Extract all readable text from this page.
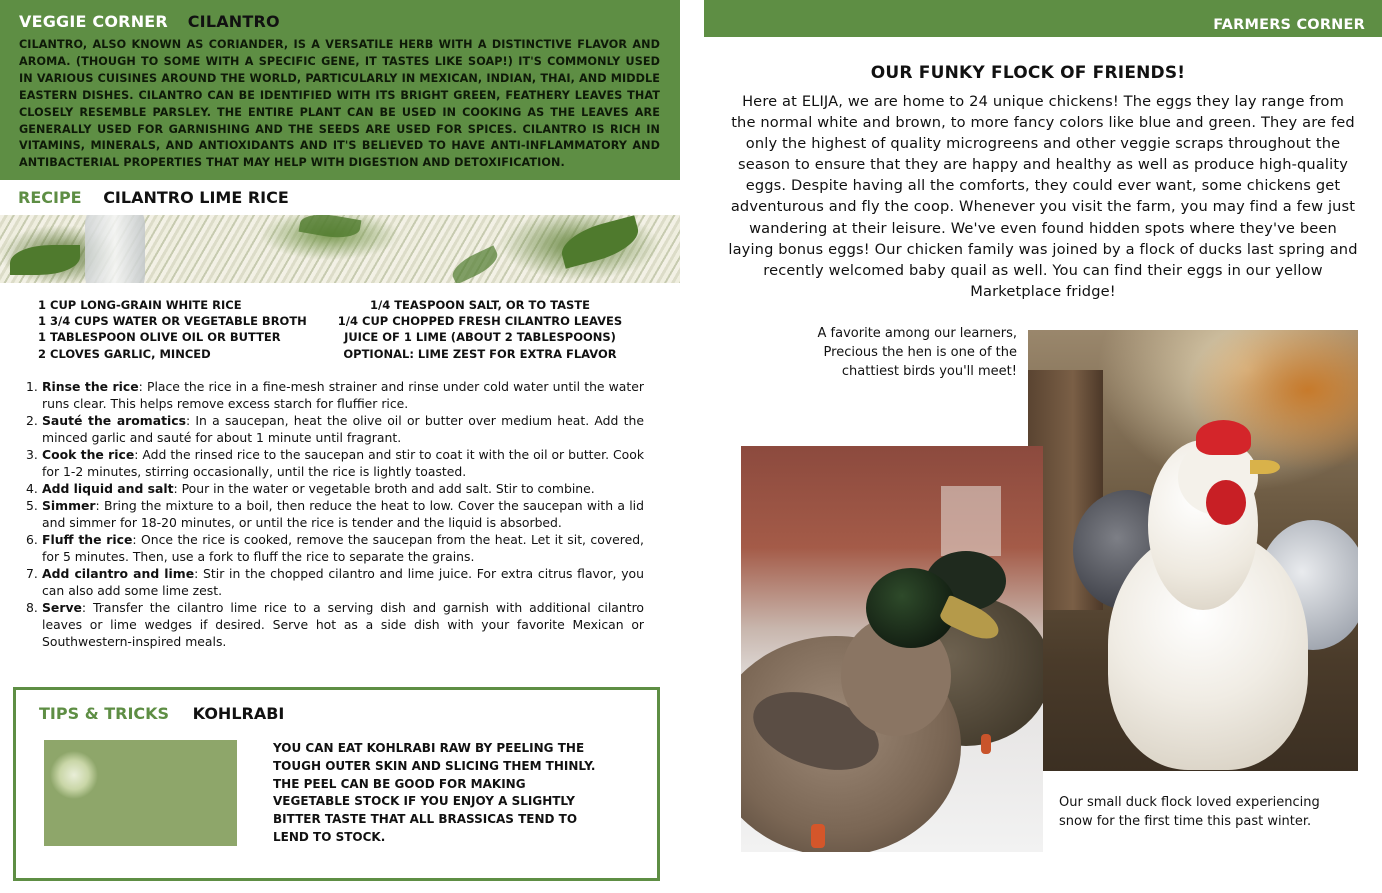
VEGGIE CORNER CILANTRO

CILANTRO, ALSO KNOWN AS CORIANDER, IS A VERSATILE HERB WITH A DISTINCTIVE FLAVOR AND AROMA. (THOUGH TO SOME WITH A SPECIFIC GENE, IT TASTES LIKE SOAP!) IT'S COMMONLY USED IN VARIOUS CUISINES AROUND THE WORLD, PARTICULARLY IN MEXICAN, INDIAN, THAI, AND MIDDLE EASTERN DISHES. CILANTRO CAN BE IDENTIFIED WITH ITS BRIGHT GREEN, FEATHERY LEAVES THAT CLOSELY RESEMBLE PARSLEY. THE ENTIRE PLANT CAN BE USED IN COOKING AS THE LEAVES ARE GENERALLY USED FOR GARNISHING AND THE SEEDS ARE USED FOR SPICES. CILANTRO IS RICH IN VITAMINS, MINERALS, AND ANTIOXIDANTS AND IT'S BELIEVED TO HAVE ANTI-INFLAMMATORY AND ANTIBACTERIAL PROPERTIES THAT MAY HELP WITH DIGESTION AND DETOXIFICATION.

RECIPE CILANTRO LIME RICE
1 CUP LONG-GRAIN WHITE RICE
1 3/4 CUPS WATER OR VEGETABLE BROTH
1 TABLESPOON OLIVE OIL OR BUTTER
2 CLOVES GARLIC, MINCED
1/4 TEASPOON SALT, OR TO TASTE
1/4 CUP CHOPPED FRESH CILANTRO LEAVES
JUICE OF 1 LIME (ABOUT 2 TABLESPOONS)
OPTIONAL: LIME ZEST FOR EXTRA FLAVOR
1. Rinse the rice: Place the rice in a fine-mesh strainer and rinse under cold water until the water runs clear. This helps remove excess starch for fluffier rice.
2. Sauté the aromatics: In a saucepan, heat the olive oil or butter over medium heat. Add the minced garlic and sauté for about 1 minute until fragrant.
3. Cook the rice: Add the rinsed rice to the saucepan and stir to coat it with the oil or butter. Cook for 1-2 minutes, stirring occasionally, until the rice is lightly toasted.
4. Add liquid and salt: Pour in the water or vegetable broth and add salt. Stir to combine.
5. Simmer: Bring the mixture to a boil, then reduce the heat to low. Cover the saucepan with a lid and simmer for 18-20 minutes, or until the rice is tender and the liquid is absorbed.
6. Fluff the rice: Once the rice is cooked, remove the saucepan from the heat. Let it sit, covered, for 5 minutes. Then, use a fork to fluff the rice to separate the grains.
7. Add cilantro and lime: Stir in the chopped cilantro and lime juice. For extra citrus flavor, you can also add some lime zest.
8. Serve: Transfer the cilantro lime rice to a serving dish and garnish with additional cilantro leaves or lime wedges if desired. Serve hot as a side dish with your favorite Mexican or Southwestern-inspired meals.
TIPS & TRICKS KOHLRABI

YOU CAN EAT KOHLRABI RAW BY PEELING THE TOUGH OUTER SKIN AND SLICING THEM THINLY. THE PEEL CAN BE GOOD FOR MAKING VEGETABLE STOCK IF YOU ENJOY A SLIGHTLY BITTER TASTE THAT ALL BRASSICAS TEND TO LEND TO STOCK.

FARMERS CORNER
OUR FUNKY FLOCK OF FRIENDS!

Here at ELIJA, we are home to 24 unique chickens! The eggs they lay range from the normal white and brown, to more fancy colors like blue and green. They are fed only the highest of quality microgreens and other veggie scraps throughout the season to ensure that they are happy and healthy as well as produce high-quality eggs. Despite having all the comforts, they could ever want, some chickens get adventurous and fly the coop. Whenever you visit the farm, you may find a few just wandering at their leisure. We've even found hidden spots where they've been laying bonus eggs! Our chicken family was joined by a flock of ducks last spring and recently welcomed baby quail as well. You can find their eggs in our yellow Marketplace fridge!

A favorite among our learners, Precious the hen is one of the chattiest birds you'll meet!

Our small duck flock loved experiencing snow for the first time this past winter.
